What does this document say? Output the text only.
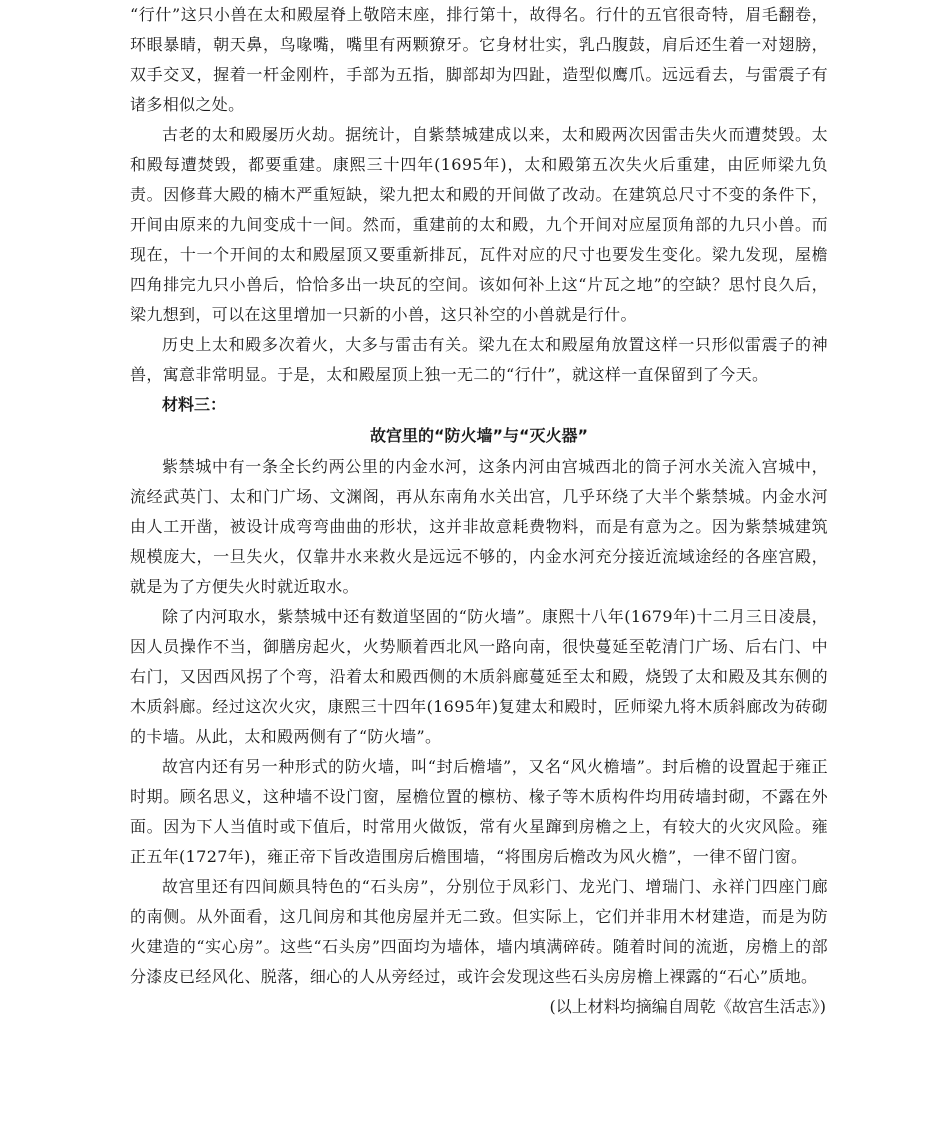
“行什”这只小兽在太和殿屋脊上敬陪末座，排行第十，故得名。行什的五官很奇特，眉毛翻卷，环眼暴睛，朝天鼻，鸟喙嘴，嘴里有两颗獠牙。它身材壮实，乳凸腹鼓，肩后还生着一对翅膀，双手交叉，握着一杆金刚杵，手部为五指，脚部却为四趾，造型似鹰爪。远远看去，与雷震子有诸多相似之处。

古老的太和殿屡历火劫。据统计，自紫禁城建成以来，太和殿两次因雷击失火而遭焚毁。太和殿每遭焚毁，都要重建。康熙三十四年(1695年)，太和殿第五次失火后重建，由匠师梁九负责。因修葺大殿的楠木严重短缺，梁九把太和殿的开间做了改动。在建筑总尺寸不变的条件下，开间由原来的九间变成十一间。然而，重建前的太和殿，九个开间对应屋顶角部的九只小兽。而现在，十一个开间的太和殿屋顶又要重新排瓦，瓦件对应的尺寸也要发生变化。梁九发现，屋檐四角排完九只小兽后，恰恰多出一块瓦的空间。该如何补上这“片瓦之地”的空缺？思忖良久后，梁九想到，可以在这里增加一只新的小兽，这只补空的小兽就是行什。

历史上太和殿多次着火，大多与雷击有关。梁九在太和殿屋角放置这样一只形似雷震子的神兽，寓意非常明显。于是，太和殿屋顶上独一无二的“行什”，就这样一直保留到了今天。

材料三：

故宫里的“防火墙”与“灭火器”

紫禁城中有一条全长约两公里的内金水河，这条内河由宫城西北的筒子河水关流入宫城中，流经武英门、太和门广场、文渊阁，再从东南角水关出宫，几乎环绕了大半个紫禁城。内金水河由人工开凿，被设计成弯弯曲曲的形状，这并非故意耗费物料，而是有意为之。因为紫禁城建筑规模庞大，一旦失火，仅靠井水来救火是远远不够的，内金水河充分接近流域途经的各座宫殿，就是为了方便失火时就近取水。

除了内河取水，紫禁城中还有数道坚固的“防火墙”。康熙十八年(1679年)十二月三日凌晨，因人员操作不当，御膳房起火，火势顺着西北风一路向南，很快蔓延至乾清门广场、后右门、中右门，又因西风拐了个弯，沿着太和殿西侧的木质斜廊蔓延至太和殿，烧毁了太和殿及其东侧的木质斜廊。经过这次火灾，康熙三十四年(1695年)复建太和殿时，匠师梁九将木质斜廊改为砖砌的卡墙。从此，太和殿两侧有了“防火墙”。

故宫内还有另一种形式的防火墙，叫“封后檐墙”，又名“风火檐墙”。封后檐的设置起于雍正时期。顾名思义，这种墙不设门窗，屋檐位置的檩枋、椽子等木质构件均用砖墙封砌，不露在外面。因为下人当值时或下值后，时常用火做饭，常有火星蹿到房檐之上，有较大的火灾风险。雍正五年(1727年)，雍正帝下旨改造围房后檐围墙，“将围房后檐改为风火檐”，一律不留门窗。

故宫里还有四间颇具特色的“石头房”，分别位于凤彩门、龙光门、增瑞门、永祥门四座门廊的南侧。从外面看，这几间房和其他房屋并无二致。但实际上，它们并非用木材建造，而是为防火建造的“实心房”。这些“石头房”四面均为墙体，墙内填满碎砖。随着时间的流逝，房檐上的部分漆皮已经风化、脱落，细心的人从旁经过，或许会发现这些石头房房檐上裸露的“石心”质地。

(以上材料均摘编自周乾《故宫生活志》)
